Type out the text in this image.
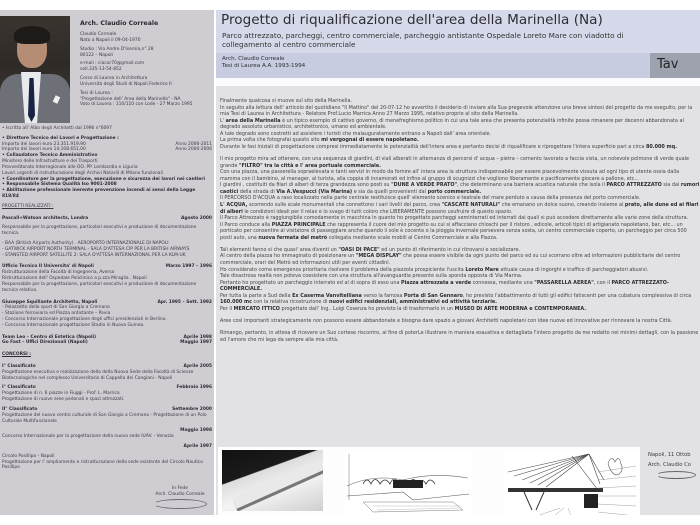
Arch. Claudio Correale

Claudio Correale
Nato a Napoli il 09-04-1970

Studio : Via Andre D'Isernia,n° 28
80122 – Napoli

e-mail : ciacor70@gmail.com
cell.335-13-54-852

Corso di Laurea in Architettura
Università degli Studi di Napoli Federico II

Tesi di Laurea :
"Progettazione dell' Area della Marinella" - NA
Voto di Laurea : 110/110 con Lode - 27 Marzo 1995

• Iscritto all' Albo degli Architetti dal 1996 n°6097
• Direttore Tecnico dei Lavori e Progettazione :
Importo dei lavori euro 23.351.919,90	Anno 2006-2011
Importo dei lavori euro 14.108.651,00	Anno 2000-2006
• Collaudatore Tecnico Amministrativo
Ministero delle Infrastrutture e dei Trasporti
Provveditorato Interregionale alle OO. PP. Lombardia e Liguria
Lavori urgenti di ristrutturazione degli Archivi Notarili di Milano funzionali
• Coordinatore per la progettazione, esecuzione e sicurezza dei lavori nei cantieri
• Responsabile Sistema Qualità Iso 9001-2008
• Abilitazione professionale inerente prevenzione incendi ai sensi della Legge 818/84
PROGETTI REALIZZATI :
Pascall+Watson architects, Londra	Agosto 2000
Responsabile per la progettazione, particolari esecutivi e produzione di documentazione tecnica.
- BAA (British Airports Authority) . AEROPORTO INTERNAZIONALE DI NAPOLI
- GATWICK AIRPORT NORTH TERMINAL - SALA D'ATTESA CIP PER LA BRITISH AIRWAYS
- STANSTED AIRPORT SATELLITE 2: SALA D'ATTESA INTERNAZIONAL PER LA KLM-UK
Ufficio Tecnico II Universita' di Napoli	Marzo 1997 – 1996
Ristrutturazione della Facoltà di Ingegneria, Aversa
Ristrutturazione dell' Ospedale Policlinico a p.zza Miraglia . Napoli
Responsabile per la progettazione, particolari esecutivi e produzione di documentazione tecnica relativa.
Giuseppe Squillante Architetto, Napoli	Apr. 1995 – Sett. 1992
- Palazzetto dello sport di San Giorgio a Cremano
- Stazione ferroviaria ed Piazza antistante – Pavia
- Concorso Internazionale progettazione degli uffici presidenziali in Berlino.
- Concorso Internazionale progettazione Stadio in Nuova Guinea.
Team Leo – Centro di Estetica (Napoli)	Aprile 1998
Go Fast – Uffici Direzionali (Napoli)	Maggio 1997
CONCORSI :
I° Classificato	Aprile 2005
Progettazione esecutiva e realizzazione della della Nuova Sede della Facoltà di Scienze Biotecnologiche nel complesso Universitario di Cappella dei Cangiani - Napoli
I° Classificato	Febbraio 1996
Progettazione di n. 6 piazze in Fiuggi - Prof. L. Marrica
Progettazione di nuove aree pedonali e spazi attrezzati.
II° Classificato	Settembre 2000
Progettazione del nuovo centro culturale di San Giorgio a Cremano - Progettazione di un Polo Culturale Multifunzionale
Maggio 1998
Concorso Internazionale per la progettazione della nuova sede IUAV. - Venezia
Aprile 1997
Circolo Posillipo - Napoli
Progettazione per l' ampliamento e ristrutturazione della sede esistente del Circolo Nautico Posillipo
In Fede
Arch. Claudio Correale
Progetto di riqualificazione dell'area della Marinella (Na)
Parco attrezzato, parcheggi, centro commerciale, parcheggio antistante Ospedale Loreto Mare con viadotto di collegamento al centro commerciale
Arch. Claudio Correale
Tesi di Laurea A.A. 1993-1994	Tav

Finalmente qualcosa si muove sul sito della Marinella.

In seguito alla lettura dell' articolo del quotidiano "Il Mattino" del 20-07-12 ho avvertito il desiderio di inviare alla Sua pregevole attenzione una breve sintesi del progetto da me eseguito, per la mia Tesi di Laurea in Architettura - Relatore Prof.Lucio Marrica Anno 27 Marzo 1995, relativo proprio al sito della Marinella.

L' area della Marinella è un tipico esempio di cattivo governo, di menefreghismo politico in cui una tale area che presenta potenzialità infinite possa rimanere per decenni abbandonata al degrado assoluto urbanistico, architettonico, umano ed ambientale.

A tale degrado sono costretti ad assistere i turisti che malauguratamente entrano a Napoli dall' area orientale.

La prima volta che fotografai questo sito mi vergognai di essere napoletano.

Durante le fasi iniziali di progettazione compresi immediatamente le potenzialità dell'intera area e pertanto decisi di riqualificare e riprogettare l'intera superficie pari a circa 80.000 mq.

Il mio progetto mira ad ottenere, con una sequenza di giardini, di viali alberati in alternanza di percorsi d' acqua – pietra – cemento lavorato a faccia vista, un notevole polmone di verde quale grande "FILTRO" tra la città e l' area portuale commerciale.

Con una piazza, una passerella sopraelevata e tanti servizi in modo da fornire all' intera area la struttura indispensabile per essere piacevolmente vissuta ad ogni tipo di utente ossia dalla mamma con il bambino, al manager, al turista, alla coppia di innamorati ed infine al gruppo di scugnizzi che vogliono liberamente e pacificamente giocare a pallone, etc...

I giardini , costituiti da filari di alberi di terza grandezza sono posti su "DUNE A VERDE PRATO", che determinano una barriera acustica naturale che isola il PARCO ATTREZZATO sia dai rumori caotici della strada di Via A.Vespucci (Via Marina) e sia da quelli provenienti dal porto commerciale.

Il PERCORSO D'ACQUA a raso localizzato nella parte centrale restituisce quell' elemento scenico e teatrale del mare perduto a causa della presenza del porto commerciale.

L' ACQUA, scorrendo sulle scale monumentali che connettono i vari livelli del parco, crea "CASCATE NATURALI" che emanano un dolce suono, creando insieme al prato, alle dune ed ai filari di alberi le condizioni ideali per il relax e lo svago di tutti coloro che LIBERAMENTE possono usufruire di questo spazio.

Il Parco Attrezzato è raggiungibile comodamente in macchina in quanto ho progettato parcheggi seminterrati ed interrati dai quali si può accedere direttamente alle varie zone della struttura.

Il Parco conduce alla PIAZZA PRINCIPALE che rappresenta il cuore del mio progetto su cui si affacciano chioschi per il ristoro , edicole, articoli tipici di artigianato napoletano, bar, etc... un porticato per consentire al visitatore di passeggiare anche quando il sole è cocente o la pioggia invernale persevera senza sosta, un centro commerciale coperto, un parcheggio per circa 500 posti auto, una nuova fermata del metrò collegata mediante scale mobili al Centro Commerciale e alla Piazza.

Tali elementi fanno si che quasi' area diventi un "OASI DI PACE" ed un punto di riferimento in cui ritrovarsi e socializzare.

Al centro della piazza ho immaginato di posizionare un "MEGA DISPLAY" che possa essere visibile da ogni punto del parco ed su cui scorrano oltre ad informazioni pubblicitarie del centro commerciale, orari del Metrò ed informazioni utili per eventi cittadini.

Ho considerato come emergenza prioritaria risolvere il problema della piazzola prospiciente l'uscita Loreto Mare attuale causa di ingorghi e traffico di parcheggiatori abusivi.

Tale disastrosa realtà non poteva coesistere con una struttura all'avanguardia presente sulla sponda opposta di Via Marina.

Pertanto ho progettato un parcheggio interrato ed al di sopra di esso una Piazza attrezzata a verde connessa, mediante una "PASSARELLA AEREA", con il PARCO ATTREZZATO-COMMERCIALE.

Per tutta la parte a Sud della Ex Caserma Vanvitelliana verso la famosa Porta di San Gennaro, ho previsto l'abbattimento di tutti gli edifici fatiscenti per una cubatura complessiva di circa 160.000 mc con la relativa ricostruzione di nuovi edifici residenziali, amministrativi ed attività terziarie.

Per il MERCATO ITTICO progettato dall' Ing.. Luigi Cosenza ho previsto la di trasformarlo in un MUSEO DI ARTE MODERNA e CONTEMPORANEA.

Aree così importanti strategicamente non possono essere abbandonate e bisogna dare spazio a giovani Architetti napoletani con idee nuove ed innovative per rinnovare la nostra Città.

Rimango, pertanto, in attesa di ricevere un Suo cortese riscontro, al fine di poterLe illustrare in maniera esaustiva e dettagliata l'intero progetto da me redatto nei minimi dettagli, con la passione ed l'amore che mi lega da sempre alla mia città.

Napoli, 11 Ottob
Arch. Claudio Co
